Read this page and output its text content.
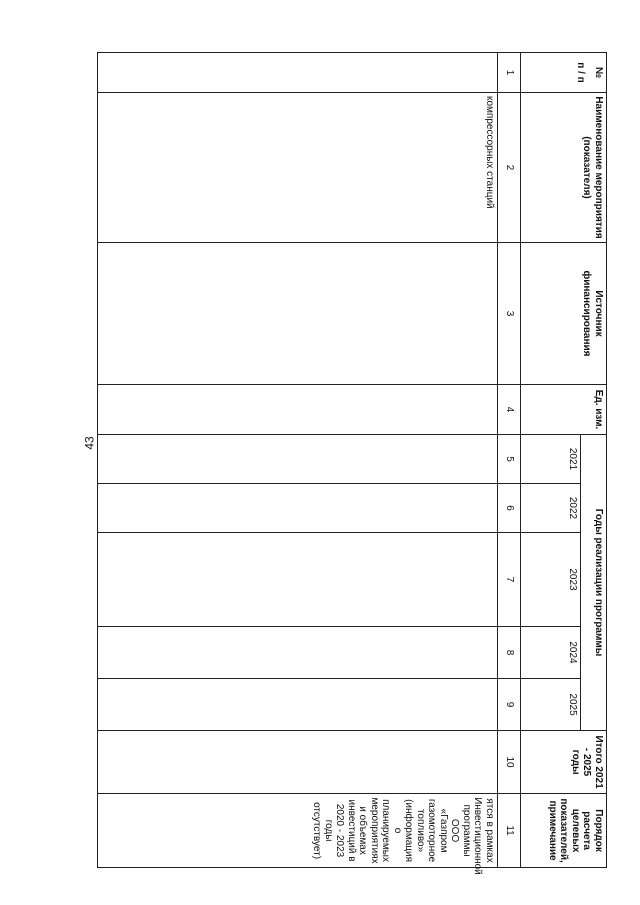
43
№
п / п	Наименование мероприятия (показателя)	Источник финансирования	Ед. изм.	Годы реализации программы					Итого 2021 - 2025 годы	Порядок расчета целевых показателей, примечание
				2021	2022	2023	2024	2025		
1	2	3	4	5	6	7	8	9	10	11
	компрессорных станций									ятся в рамках Инвестиционной программы ООО «Газпром газомоторное топливо» (информация о планируемых мероприятиях и объемах инвестиций в 2020 - 2023 годы отсутствует)
